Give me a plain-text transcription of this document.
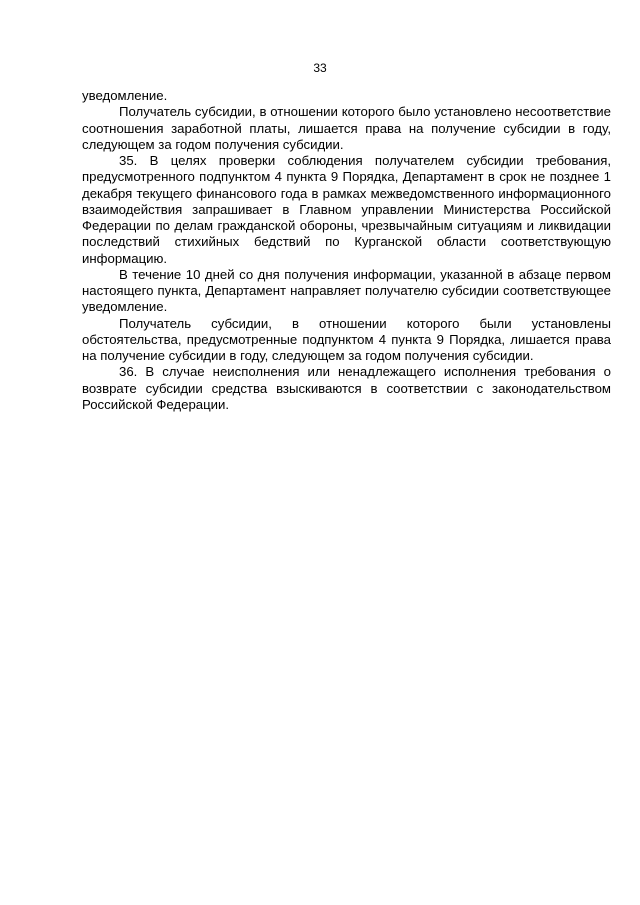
33

уведомление.

Получатель субсидии, в отношении которого было установлено несоответствие соотношения заработной платы, лишается права на получение субсидии в году, следующем за годом получения субсидии.

35. В целях проверки соблюдения получателем субсидии требования, предусмотренного подпунктом 4 пункта 9 Порядка, Департамент в срок не позднее 1 декабря текущего финансового года в рамках межведомственного информационного взаимодействия запрашивает в Главном управлении Министерства Российской Федерации по делам гражданской обороны, чрезвычайным ситуациям и ликвидации последствий стихийных бедствий по Курганской области соответствующую информацию.

В течение 10 дней со дня получения информации, указанной в абзаце первом настоящего пункта, Департамент направляет получателю субсидии соответствующее уведомление.

Получатель субсидии, в отношении которого были установлены обстоятельства, предусмотренные подпунктом 4 пункта 9 Порядка, лишается права на получение субсидии в году, следующем за годом получения субсидии.

36. В случае неисполнения или ненадлежащего исполнения требования о возврате субсидии средства взыскиваются в соответствии с законодательством Российской Федерации.
